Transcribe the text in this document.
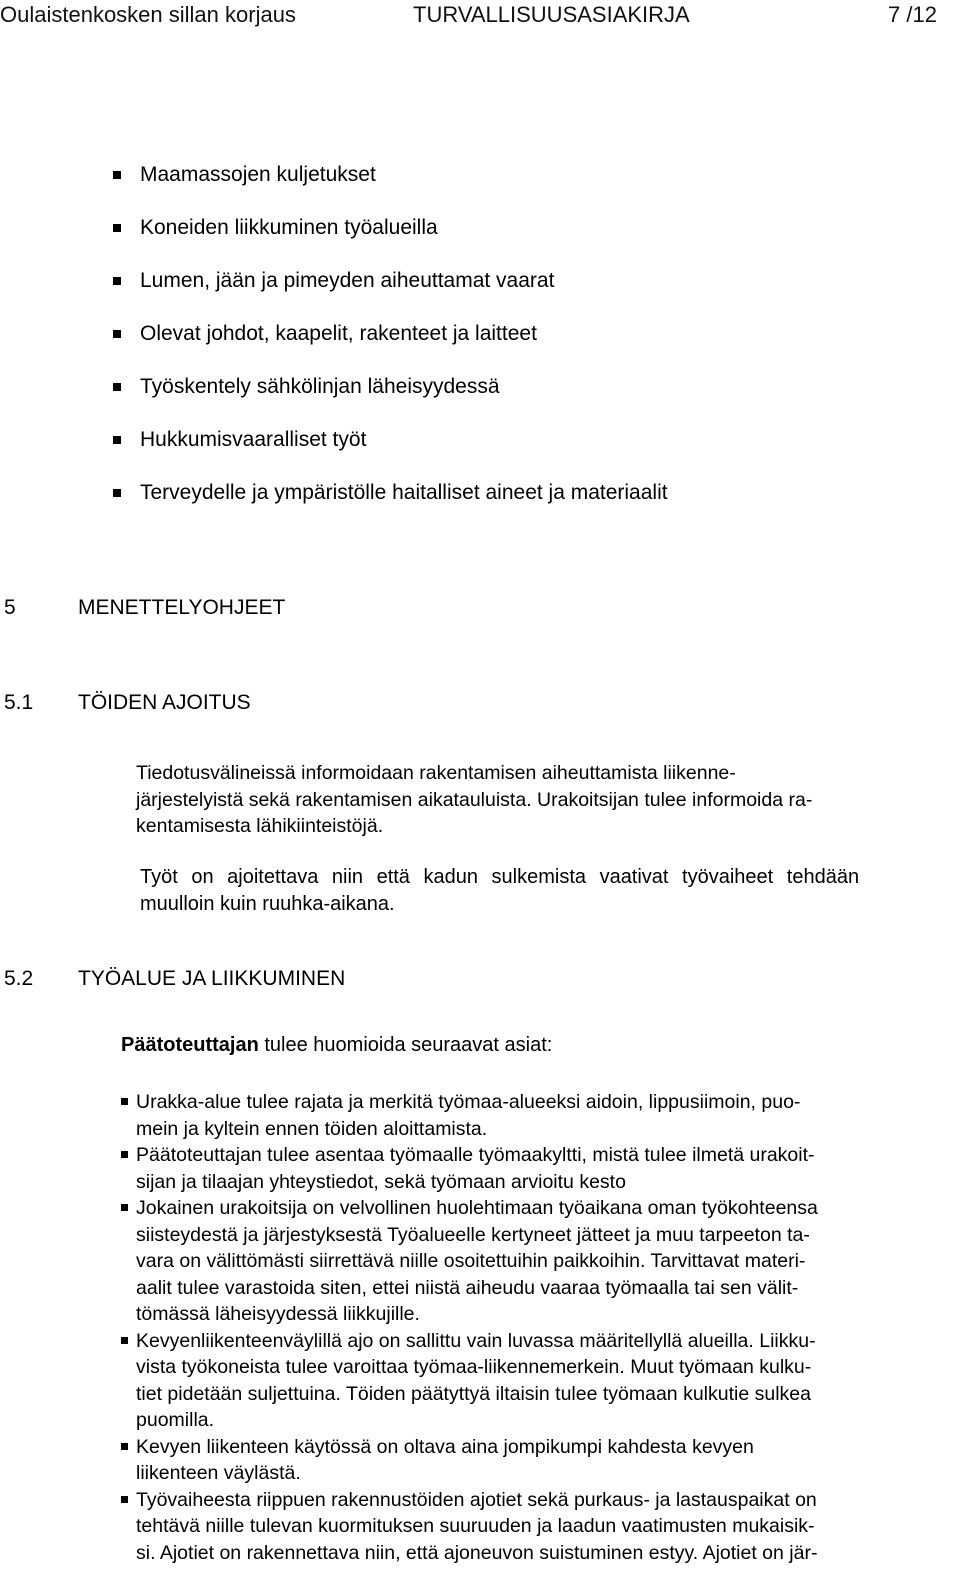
Oulaistenkosken sillan korjaus	TURVALLISUUSASIAKIRJA	7 /12
Maamassojen kuljetukset
Koneiden liikkuminen työalueilla
Lumen, jään ja pimeyden aiheuttamat vaarat
Olevat johdot, kaapelit, rakenteet ja laitteet
Työskentely sähkölinjan läheisyydessä
Hukkumisvaaralliset työt
Terveydelle ja ympäristölle haitalliset aineet ja materiaalit
5	MENETTELYOHJEET
5.1 TÖIDEN AJOITUS
Tiedotusvälineissä informoidaan rakentamisen aiheuttamista liikenne-
järjestelyistä sekä rakentamisen aikatauluista. Urakoitsijan tulee informoida ra-
kentamisesta lähikiinteistöjä.
Työt on ajoitettava niin että kadun sulkemista vaativat työvaiheet tehdään
muulloin kuin ruuhka-aikana.
5.2 TYÖALUE JA LIIKKUMINEN
Päätoteuttajan tulee huomioida seuraavat asiat:
Urakka-alue tulee rajata ja merkitä työmaa-alueeksi aidoin, lippusiimoin, puo-
mein ja kyltein ennen töiden aloittamista.
Päätoteuttajan tulee asentaa työmaalle työmaakyltti, mistä tulee ilmetä urakoit-
sijan ja tilaajan yhteystiedot, sekä työmaan arvioitu kesto
Jokainen urakoitsija on velvollinen huolehtimaan työaikana oman työkohteensa
siisteydestä ja järjestyksestä Työalueelle kertyneet jätteet ja muu tarpeeton ta-
vara on välittömästi siirrettävä niille osoitettuihin paikkoihin. Tarvittavat materi-
aalit tulee varastoida siten, ettei niistä aiheudu vaaraa työmaalla tai sen välit-
tömässä läheisyydessä liikkujille.
Kevyenliikenteenväylillä ajo on sallittu vain luvassa määritellyllä alueilla. Liikku-
vista työkoneista tulee varoittaa työmaa-liikennemerkein. Muut työmaan kulku-
tiet pidetään suljettuina. Töiden päätyttyä iltaisin tulee työmaan kulkutie sulkea
puomilla.
Kevyen liikenteen käytössä on oltava aina jompikumpi kahdesta kevyen
liikenteen väylästä.
Työvaiheesta riippuen rakennustöiden ajotiet sekä purkaus- ja lastauspaikat on
tehtävä niille tulevan kuormituksen suuruuden ja laadun vaatimusten mukaisik-
si. Ajotiet on rakennettava niin, että ajoneuvon suistuminen estyy. Ajotiet on jär-
